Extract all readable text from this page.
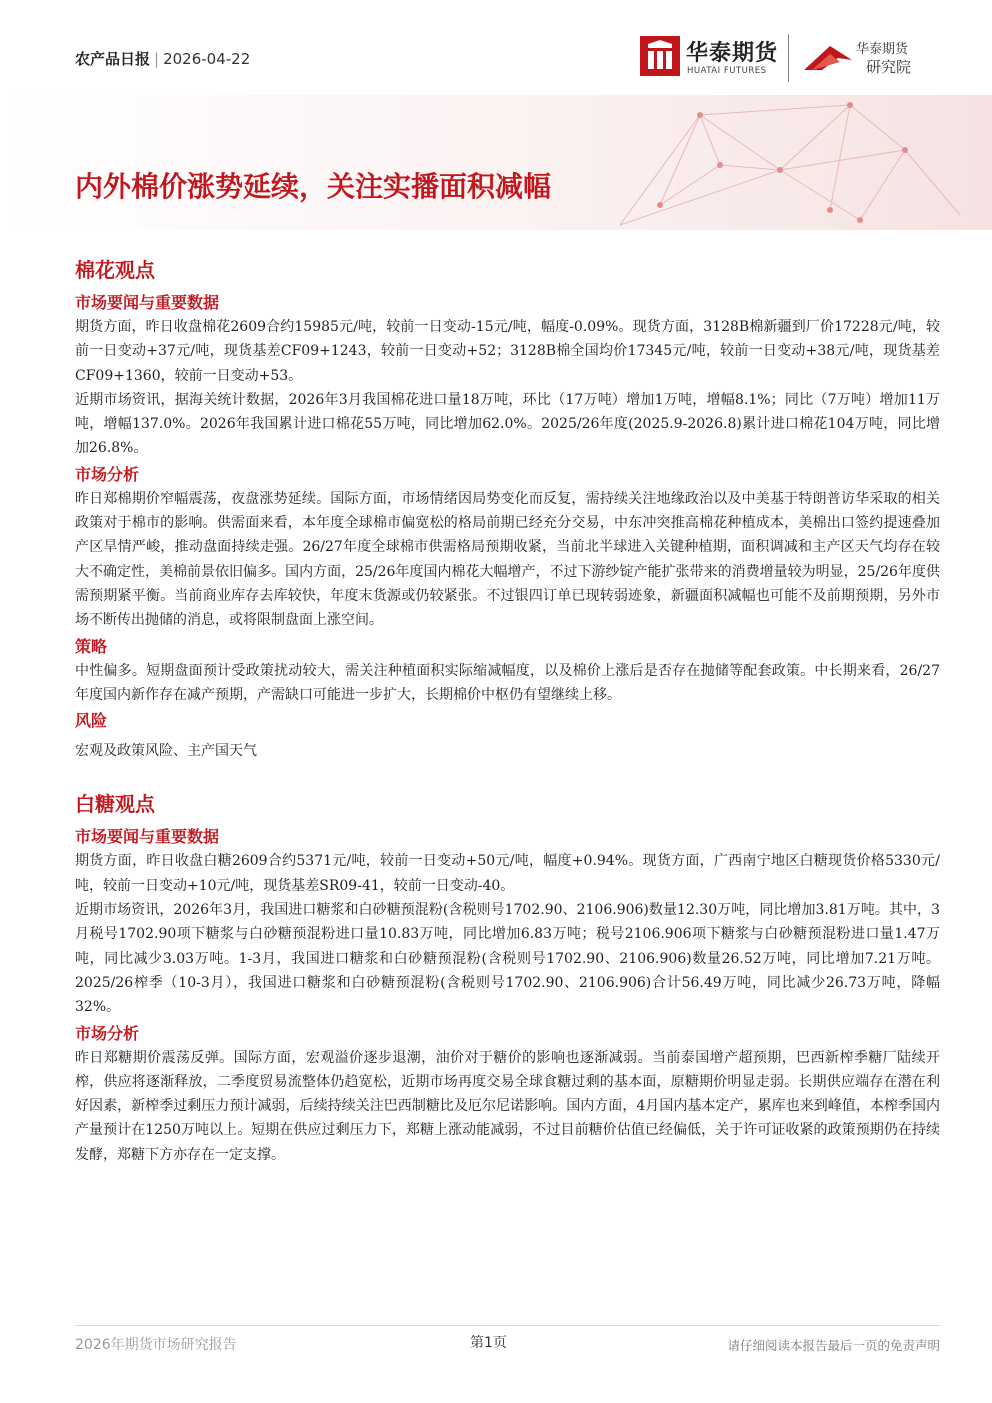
农产品日报 | 2026-04-22	华泰期货
HUATAI FUTURES
华泰期货
研究院
内外棉价涨势延续，关注实播面积减幅
棉花观点
市场要闻与重要数据

期货方面，昨日收盘棉花2609合约15985元/吨，较前一日变动-15元/吨，幅度-0.09%。现货方面，3128B棉新疆到厂价17228元/吨，较前一日变动+37元/吨，现货基差CF09+1243，较前一日变动+52；3128B棉全国均价17345元/吨，较前一日变动+38元/吨，现货基差CF09+1360，较前一日变动+53。

近期市场资讯，据海关统计数据，2026年3月我国棉花进口量18万吨，环比（17万吨）增加1万吨，增幅8.1%；同比（7万吨）增加11万吨，增幅137.0%。2026年我国累计进口棉花55万吨，同比增加62.0%。2025/26年度(2025.9-2026.8)累计进口棉花104万吨，同比增加26.8%。

市场分析

昨日郑棉期价窄幅震荡，夜盘涨势延续。国际方面，市场情绪因局势变化而反复，需持续关注地缘政治以及中美基于特朗普访华采取的相关政策对于棉市的影响。供需面来看，本年度全球棉市偏宽松的格局前期已经充分交易，中东冲突推高棉花种植成本，美棉出口签约提速叠加产区旱情严峻，推动盘面持续走强。26/27年度全球棉市供需格局预期收紧，当前北半球进入关键种植期，面积调减和主产区天气均存在较大不确定性，美棉前景依旧偏多。国内方面，25/26年度国内棉花大幅增产，不过下游纱锭产能扩张带来的消费增量较为明显，25/26年度供需预期紧平衡。当前商业库存去库较快，年度末货源或仍较紧张。不过银四订单已现转弱迹象，新疆面积减幅也可能不及前期预期，另外市场不断传出抛储的消息，或将限制盘面上涨空间。

策略

中性偏多。短期盘面预计受政策扰动较大，需关注种植面积实际缩减幅度，以及棉价上涨后是否存在抛储等配套政策。中长期来看，26/27年度国内新作存在减产预期，产需缺口可能进一步扩大，长期棉价中枢仍有望继续上移。

风险

宏观及政策风险、主产国天气

白糖观点
市场要闻与重要数据

期货方面，昨日收盘白糖2609合约5371元/吨，较前一日变动+50元/吨，幅度+0.94%。现货方面，广西南宁地区白糖现货价格5330元/吨，较前一日变动+10元/吨，现货基差SR09-41，较前一日变动-40。

近期市场资讯，2026年3月，我国进口糖浆和白砂糖预混粉(含税则号1702.90、2106.906)数量12.30万吨，同比增加3.81万吨。其中，3月税号1702.90项下糖浆与白砂糖预混粉进口量10.83万吨，同比增加6.83万吨；税号2106.906项下糖浆与白砂糖预混粉进口量1.47万吨，同比减少3.03万吨。1-3月，我国进口糖浆和白砂糖预混粉(含税则号1702.90、2106.906)数量26.52万吨，同比增加7.21万吨。2025/26榨季（10-3月），我国进口糖浆和白砂糖预混粉(含税则号1702.90、2106.906)合计56.49万吨，同比减少26.73万吨，降幅32%。

市场分析

昨日郑糖期价震荡反弹。国际方面，宏观溢价逐步退潮，油价对于糖价的影响也逐渐减弱。当前泰国增产超预期，巴西新榨季糖厂陆续开榨，供应将逐渐释放，二季度贸易流整体仍趋宽松，近期市场再度交易全球食糖过剩的基本面，原糖期价明显走弱。长期供应端存在潜在利好因素，新榨季过剩压力预计减弱，后续持续关注巴西制糖比及厄尔尼诺影响。国内方面，4月国内基本定产，累库也来到峰值，本榨季国内产量预计在1250万吨以上。短期在供应过剩压力下，郑糖上涨动能减弱，不过目前糖价估值已经偏低，关于许可证收紧的政策预期仍在持续发酵，郑糖下方亦存在一定支撑。

2026年期货市场研究报告	第1页	请仔细阅读本报告最后一页的免责声明
